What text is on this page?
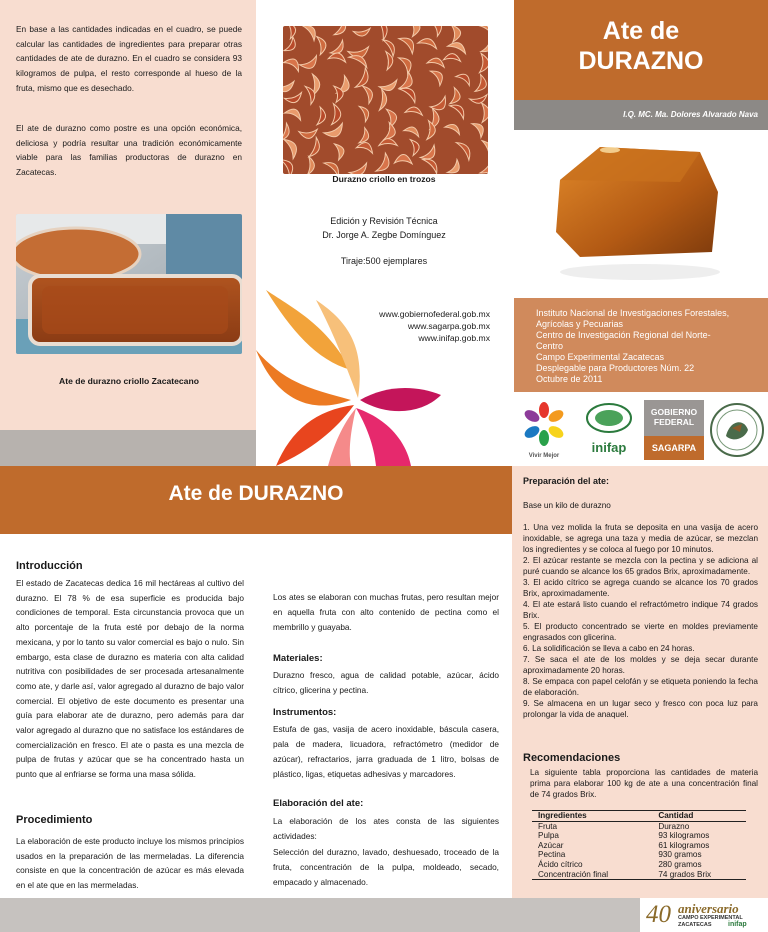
En base a las cantidades indicadas en el cuadro, se puede calcular las cantidades de ingredientes para preparar otras cantidades de ate de durazno. En el cuadro se considera 93 kilogramos de pulpa, el resto corresponde al hueso de la fruta, mismo que es desechado.

El ate de durazno como postre es una opción económica, deliciosa y podría resultar una tradición económicamente viable para las familias productoras de durazno en Zacatecas.

Ate de durazno criollo Zacatecano

Durazno criollo en trozos

Edición y Revisión Técnica

Dr. Jorge A. Zegbe Domínguez

Tiraje:500 ejemplares

www.gobiernofederal.gob.mx

www.sagarpa.gob.mx

www.inifap.gob.mx

Ate de

DURAZNO

I.Q. MC. Ma. Dolores Alvarado Nava

Instituto Nacional de Investigaciones Forestales,

Agrícolas y Pecuarias

Centro de Investigación Regional del Norte-

Centro

Campo Experimental Zacatecas

Desplegable para Productores Núm. 22

Octubre de 2011

Vivir Mejor

inifap

GOBIERNO FEDERAL
SAGARPA

Ate de DURAZNO

Introducción

El estado de Zacatecas dedica 16 mil hectáreas al cultivo del durazno. El 78 % de esa superficie es producida bajo condiciones de temporal. Esta circunstancia provoca que un alto porcentaje de la fruta esté por debajo de la norma mexicana, y por lo tanto su valor comercial es bajo o nulo. Sin embargo, esta clase de durazno es materia con alta calidad nutritiva con posibilidades de ser procesada artesanalmente como ate, y darle así, valor agregado al durazno de bajo valor comercial. El objetivo de este documento es presentar una guía para elaborar ate de durazno, pero además para dar valor agregado al durazno que no satisface los estándares de comercialización en fresco. El ate o pasta es una mezcla de pulpa de frutas y azúcar que se ha concentrado hasta un punto que al enfriarse se forma una masa sólida.

Procedimiento

La elaboración de este producto incluye los mismos principios usados en la preparación de las mermeladas. La diferencia consiste en que la concentración de azúcar es más elevada en el ate que en las mermeladas.

Los ates se elaboran con muchas frutas, pero resultan mejor en aquella fruta con alto contenido de pectina como el membrillo y guayaba.

Materiales:

Durazno fresco, agua de calidad potable, azúcar, ácido cítrico, glicerina y pectina.

Instrumentos:

Estufa de gas, vasija de acero inoxidable, báscula casera, pala de madera, licuadora, refractómetro (medidor de azúcar), refractarios, jarra graduada de 1 litro, bolsas de plástico, ligas, etiquetas adhesivas y marcadores.

Elaboración del ate:

La elaboración de los ates consta de las siguientes actividades:

Selección del durazno, lavado, deshuesado, troceado de la fruta, concentración de la pulpa, moldeado, secado, empacado y almacenado.

Preparación del ate:

Base un kilo de durazno

1. Una vez molida la fruta se deposita en una vasija de acero inoxidable, se agrega una taza y media de azúcar, se mezclan los ingredientes y se coloca al fuego por 10 minutos.

2. El azúcar restante se mezcla con la pectina y se adiciona al puré cuando se alcance los 65 grados Brix, aproximadamente.

3. El acido cítrico se agrega cuando se alcance los 70 grados Brix, aproximadamente.

4. El ate estará listo cuando el refractómetro indique 74 grados Brix.

5. El producto concentrado se vierte en moldes previamente engrasados con glicerina.

6. La solidificación se lleva a cabo en 24 horas.

7. Se saca el ate de los moldes y se deja secar durante aproximadamente 20 horas.

8. Se empaca con papel celofán y se etiqueta poniendo la fecha de elaboración.

9. Se almacena en un lugar seco y fresco con poca luz para prolongar la vida de anaquel.

Recomendaciones

La siguiente tabla proporciona las cantidades de materia prima para elaborar 100 kg de ate a una concentración final de 74 grados Brix.

Ingredientes	Cantidad
Fruta	Durazno
Pulpa	93 kilogramos
Azúcar	61 kilogramos
Pectina	930 gramos
Ácido cítrico	280 gramos
Concentración final	74 grados Brix
40 aniversario
CAMPO EXPERIMENTAL
ZACATECAS inifap
